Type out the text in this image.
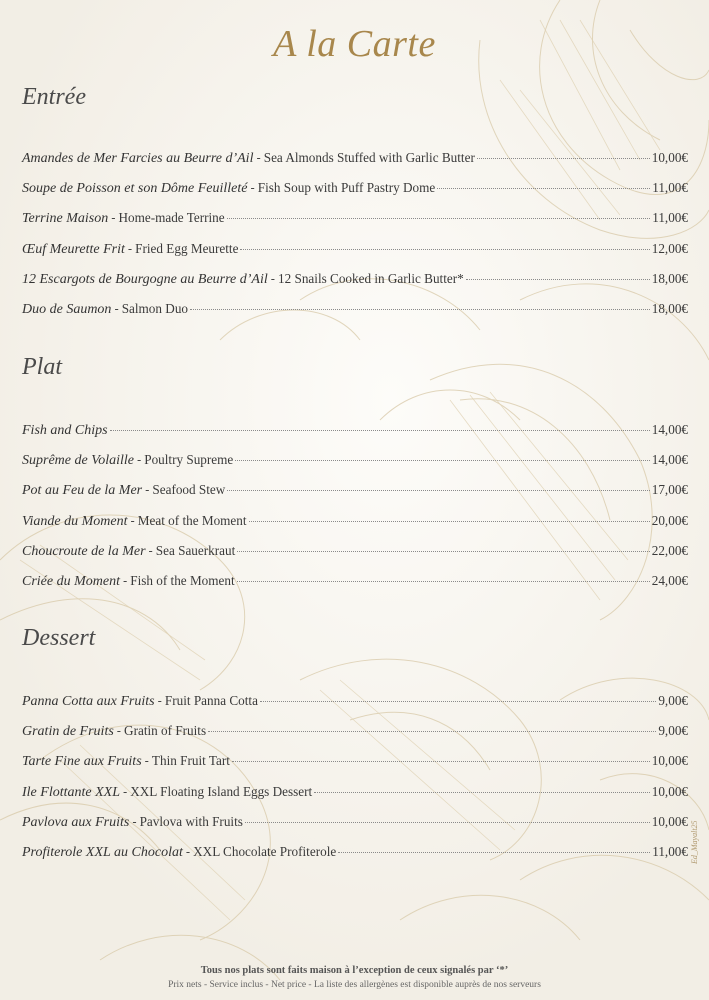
A la Carte
Entrée
Amandes de Mer Farcies au Beurre d’Ail - Sea Almonds Stuffed with Garlic Butter	10,00€
Soupe de Poisson et son Dôme Feuilleté - Fish Soup with Puff Pastry Dome	11,00€
Terrine Maison - Home-made Terrine	11,00€
Œuf Meurette Frit - Fried Egg Meurette	12,00€
12 Escargots de Bourgogne au Beurre d’Ail - 12 Snails Cooked in Garlic Butter*	18,00€
Duo de Saumon - Salmon Duo	18,00€
Plat
Fish and Chips	14,00€
Suprême de Volaille - Poultry Supreme	14,00€
Pot au Feu de la Mer - Seafood Stew	17,00€
Viande du Moment - Meat of the Moment	20,00€
Choucroute de la Mer - Sea Sauerkraut	22,00€
Criée du Moment - Fish of the Moment	24,00€
Dessert
Panna Cotta aux Fruits - Fruit Panna Cotta	9,00€
Gratin de Fruits - Gratin of Fruits	9,00€
Tarte Fine aux Fruits - Thin Fruit Tart	10,00€
Ile Flottante XXL - XXL Floating Island Eggs Dessert	10,00€
Pavlova aux Fruits - Pavlova with Fruits	10,00€
Profiterole XXL au Chocolat - XXL Chocolate Profiterole	11,00€ Ed_Mayalt25
Tous nos plats sont faits maison à l’exception de ceux signalés par ‘*’
Prix nets - Service inclus - Net price - La liste des allergènes est disponible auprès de nos serveurs
